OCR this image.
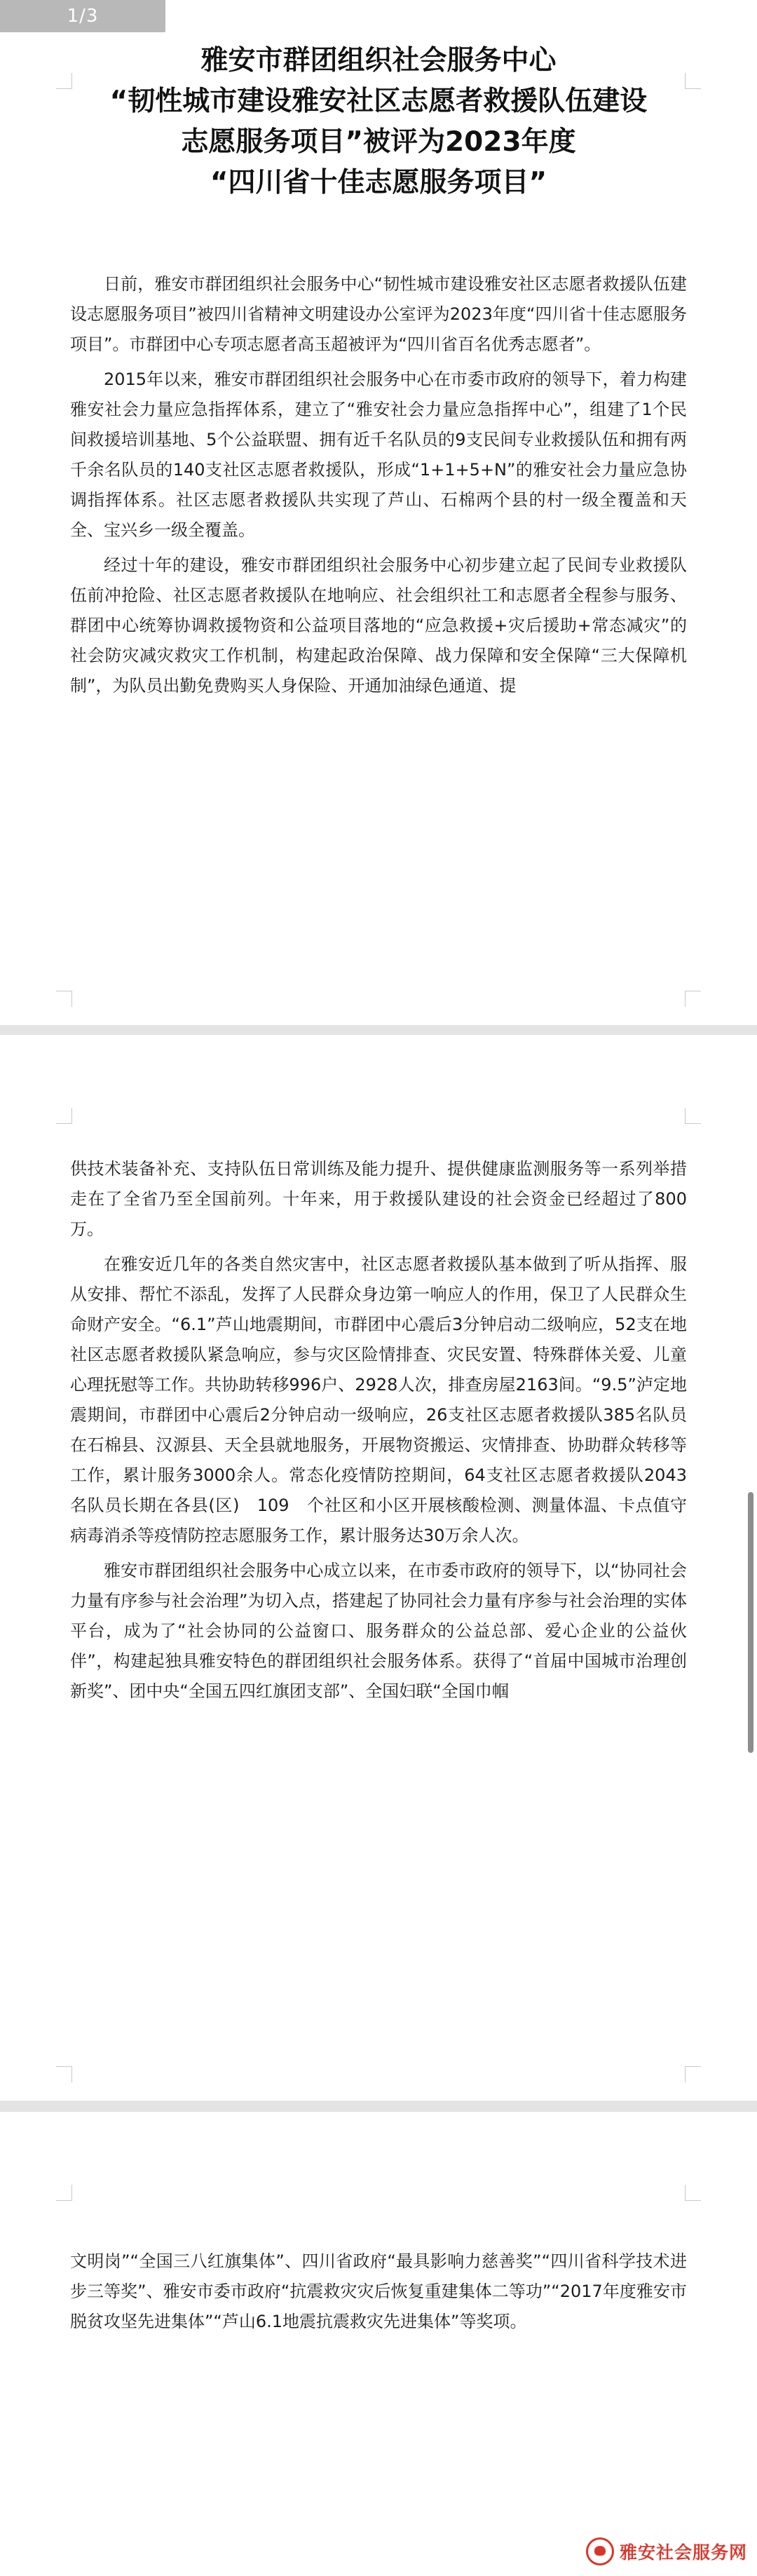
雅安市群团组织社会服务中心
“韧性城市建设雅安社区志愿者救援队伍建设
志愿服务项目”被评为2023年度
“四川省十佳志愿服务项目”

日前，雅安市群团组织社会服务中心“韧性城市建设雅安社区志愿者救援队伍建设志愿服务项目”被四川省精神文明建设办公室评为2023年度“四川省十佳志愿服务项目”。市群团中心专项志愿者高玉超被评为“四川省百名优秀志愿者”。

2015年以来，雅安市群团组织社会服务中心在市委市政府的领导下，着力构建雅安社会力量应急指挥体系，建立了“雅安社会力量应急指挥中心”，组建了1个民间救援培训基地、5个公益联盟、拥有近千名队员的9支民间专业救援队伍和拥有两千余名队员的140支社区志愿者救援队，形成“1+1+5+N”的雅安社会力量应急协调指挥体系。社区志愿者救援队共实现了芦山、石棉两个县的村一级全覆盖和天全、宝兴乡一级全覆盖。

经过十年的建设，雅安市群团组织社会服务中心初步建立起了民间专业救援队伍前冲抢险、社区志愿者救援队在地响应、社会组织社工和志愿者全程参与服务、群团中心统筹协调救援物资和公益项目落地的“应急救援+灾后援助+常态减灾”的社会防灾减灾救灾工作机制，构建起政治保障、战力保障和安全保障“三大保障机制”，为队员出勤免费购买人身保险、开通加油绿色通道、提

1/3

供技术装备补充、支持队伍日常训练及能力提升、提供健康监测服务等一系列举措走在了全省乃至全国前列。十年来，用于救援队建设的社会资金已经超过了800万。

在雅安近几年的各类自然灾害中，社区志愿者救援队基本做到了听从指挥、服从安排、帮忙不添乱，发挥了人民群众身边第一响应人的作用，保卫了人民群众生命财产安全。“6.1”芦山地震期间，市群团中心震后3分钟启动二级响应，52支在地社区志愿者救援队紧急响应，参与灾区险情排查、灾民安置、特殊群体关爱、儿童心理抚慰等工作。共协助转移996户、2928人次，排查房屋2163间。“9.5”泸定地震期间，市群团中心震后2分钟启动一级响应，26支社区志愿者救援队385名队员在石棉县、汉源县、天全县就地服务，开展物资搬运、灾情排查、协助群众转移等工作，累计服务3000余人。常态化疫情防控期间，64支社区志愿者救援队2043　名队员长期在各县(区)　109　个社区和小区开展核酸检测、测量体温、卡点值守病毒消杀等疫情防控志愿服务工作，累计服务达30万余人次。

雅安市群团组织社会服务中心成立以来，在市委市政府的领导下，以“协同社会力量有序参与社会治理”为切入点，搭建起了协同社会力量有序参与社会治理的实体平台，成为了“社会协同的公益窗口、服务群众的公益总部、爱心企业的公益伙伴”，构建起独具雅安特色的群团组织社会服务体系。获得了“首届中国城市治理创新奖”、团中央“全国五四红旗团支部”、全国妇联“全国巾帼

文明岗”“全国三八红旗集体”、四川省政府“最具影响力慈善奖”“四川省科学技术进步三等奖”、雅安市委市政府“抗震救灾灾后恢复重建集体二等功”“2017年度雅安市脱贫攻坚先进集体”“芦山6.1地震抗震救灾先进集体”等奖项。

雅安社会服务网
